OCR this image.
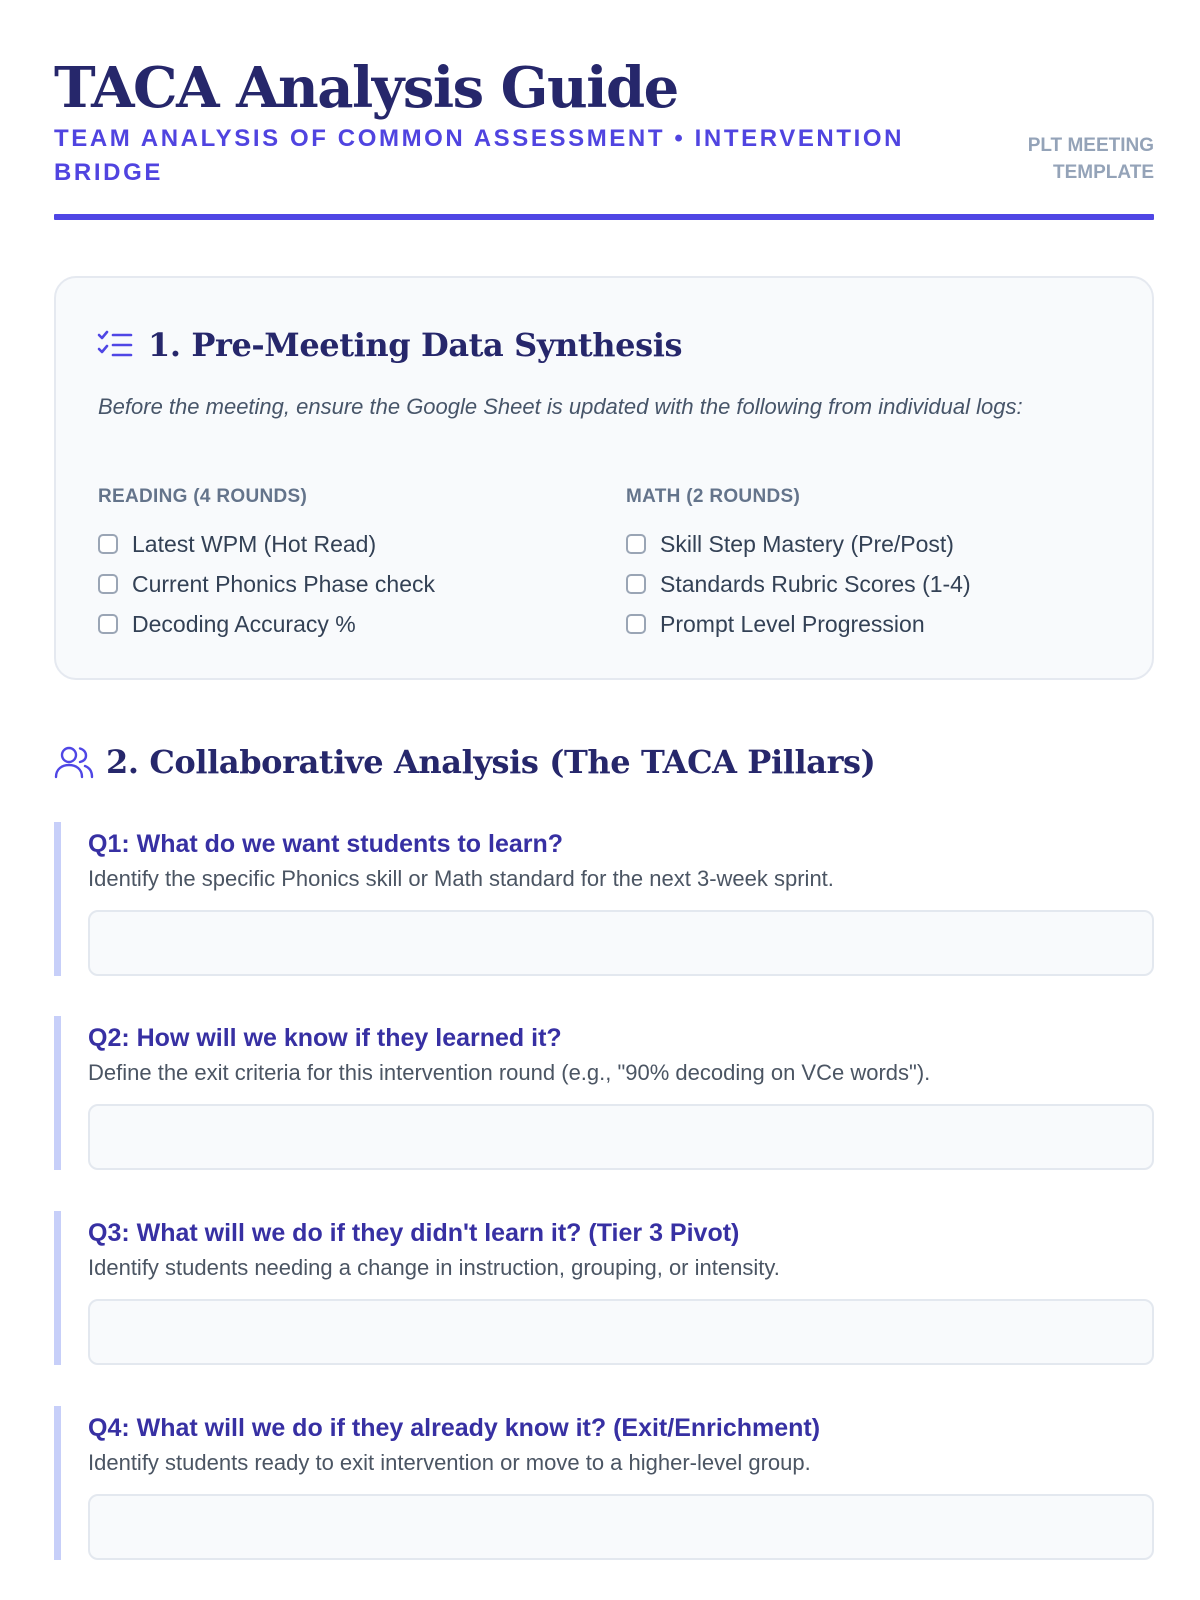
TACA Analysis Guide
TEAM ANALYSIS OF COMMON ASSESSMENT • INTERVENTION BRIDGE
PLT MEETING
TEMPLATE
1. Pre-Meeting Data Synthesis
Before the meeting, ensure the Google Sheet is updated with the following from individual logs:
READING (4 ROUNDS)
Latest WPM (Hot Read)
Current Phonics Phase check
Decoding Accuracy %
MATH (2 ROUNDS)
Skill Step Mastery (Pre/Post)
Standards Rubric Scores (1-4)
Prompt Level Progression
2. Collaborative Analysis (The TACA Pillars)
Q1: What do we want students to learn?
Identify the specific Phonics skill or Math standard for the next 3-week sprint.
Q2: How will we know if they learned it?
Define the exit criteria for this intervention round (e.g., "90% decoding on VCe words").
Q3: What will we do if they didn't learn it? (Tier 3 Pivot)
Identify students needing a change in instruction, grouping, or intensity.
Q4: What will we do if they already know it? (Exit/Enrichment)
Identify students ready to exit intervention or move to a higher-level group.
